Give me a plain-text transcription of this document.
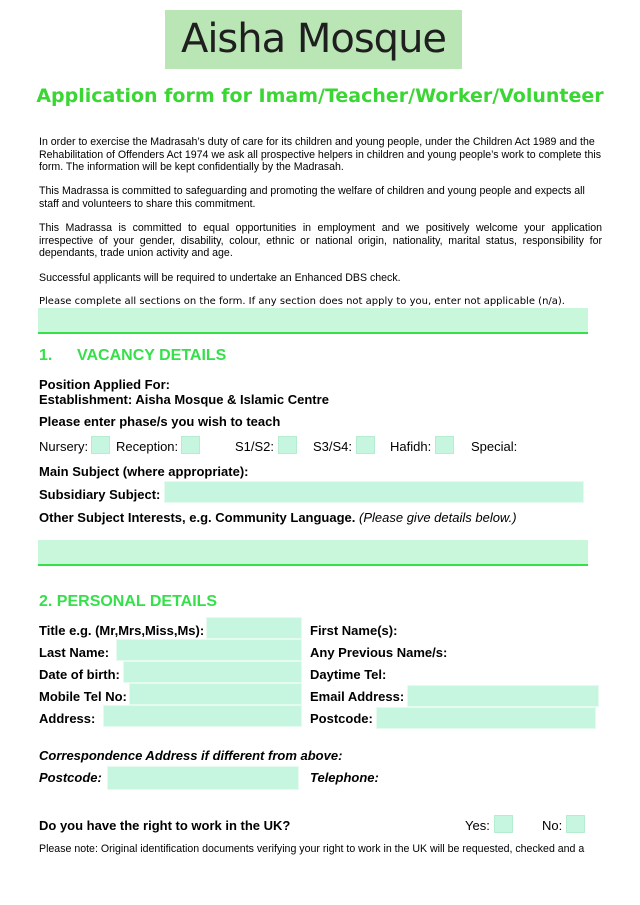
Aisha Mosque
Application form for Imam/Teacher/Worker/Volunteer
In order to exercise the Madrasah’s duty of care for its children and young people, under the Children Act 1989 and the Rehabilitation of Offenders Act 1974 we ask all prospective helpers in children and young people’s work to complete this form. The information will be kept confidentially by the Madrasah.
This Madrassa is committed to safeguarding and promoting the welfare of children and young people and expects all staff and volunteers to share this commitment.
This Madrassa is committed to equal opportunities in employment and we positively welcome your application irrespective of your gender, disability, colour, ethnic or national origin, nationality, marital status, responsibility for dependants, trade union activity and age.
Successful applicants will be required to undertake an Enhanced DBS check.
Please complete all sections on the form. If any section does not apply to you, enter not applicable (n/a).
1. VACANCY DETAILS
Position Applied For:
Establishment: Aisha Mosque & Islamic Centre
Please enter phase/s you wish to teach
Nursery: Reception:	S1/S2:	S3/S4:	Hafidh:	Special:
Main Subject (where appropriate):
Subsidiary Subject:
Other Subject Interests, e.g. Community Language. (Please give details below.)
2. PERSONAL DETAILS
Title e.g. (Mr,Mrs,Miss,Ms):	First Name(s):
Last Name:	Any Previous Name/s:
Date of birth:	Daytime Tel:
Mobile Tel No:	Email Address:
Address:	Postcode:
Correspondence Address if different from above:
Postcode:	Telephone:
Do you have the right to work in the UK?	Yes:	No:
Please note: Original identification documents verifying your right to work in the UK will be requested, checked and a
